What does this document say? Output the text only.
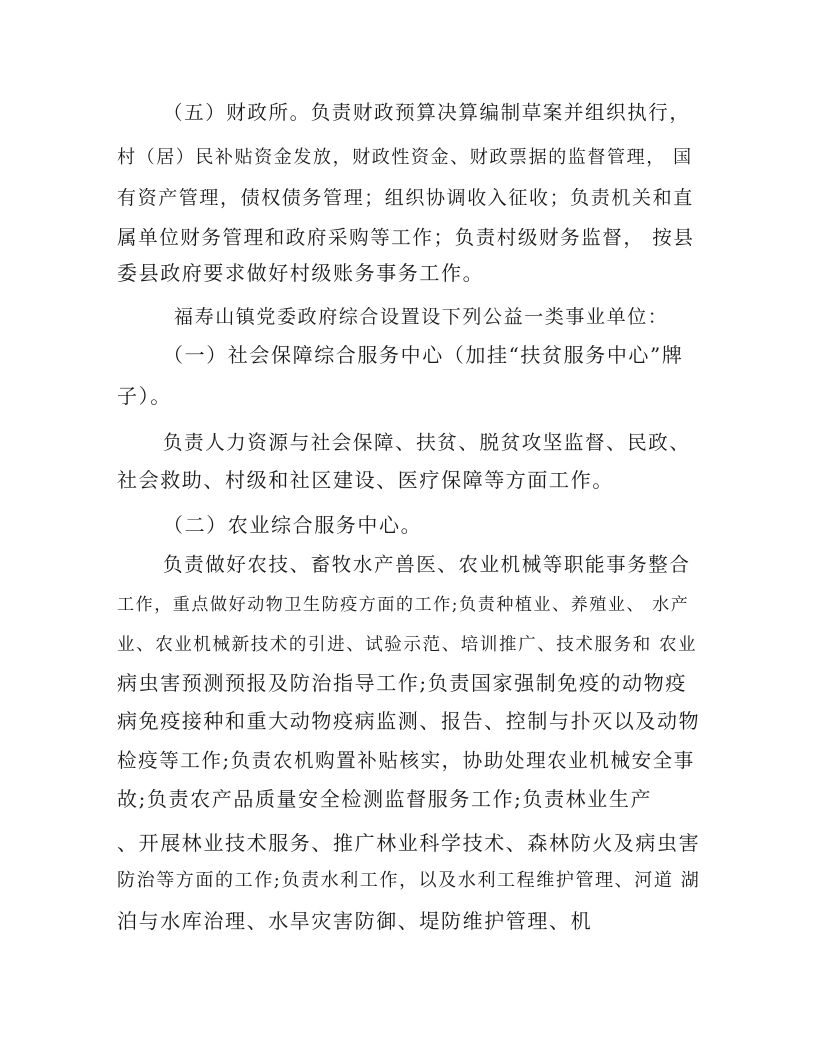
（五）财政所。负责财政预算决算编制草案并组织执行，
村（居）民补贴资金发放，财政性资金、财政票据的监督管理， 国
有资产管理，债权债务管理；组织协调收入征收；负责机关和直
属单位财务管理和政府采购等工作；负责村级财务监督， 按县
委县政府要求做好村级账务事务工作。
福寿山镇党委政府综合设置设下列公益一类事业单位：
（一）社会保障综合服务中心（加挂“扶贫服务中心”牌
子）。
负责人力资源与社会保障、扶贫、脱贫攻坚监督、民政、
社会救助、村级和社区建设、医疗保障等方面工作。
（二）农业综合服务中心。
负责做好农技、畜牧水产兽医、农业机械等职能事务整合
工作，重点做好动物卫生防疫方面的工作;负责种植业、养殖业、 水产
业、农业机械新技术的引进、试验示范、培训推广、技术服务和 农业
病虫害预测预报及防治指导工作;负责国家强制免疫的动物疫
病免疫接种和重大动物疫病监测、报告、控制与扑灭以及动物
检疫等工作;负责农机购置补贴核实，协助处理农业机械安全事
故;负责农产品质量安全检测监督服务工作;负责林业生产
、开展林业技术服务、推广林业科学技术、森林防火及病虫害
防治等方面的工作;负责水利工作，以及水利工程维护管理、河道 湖
泊与水库治理、水旱灾害防御、堤防维护管理、机
